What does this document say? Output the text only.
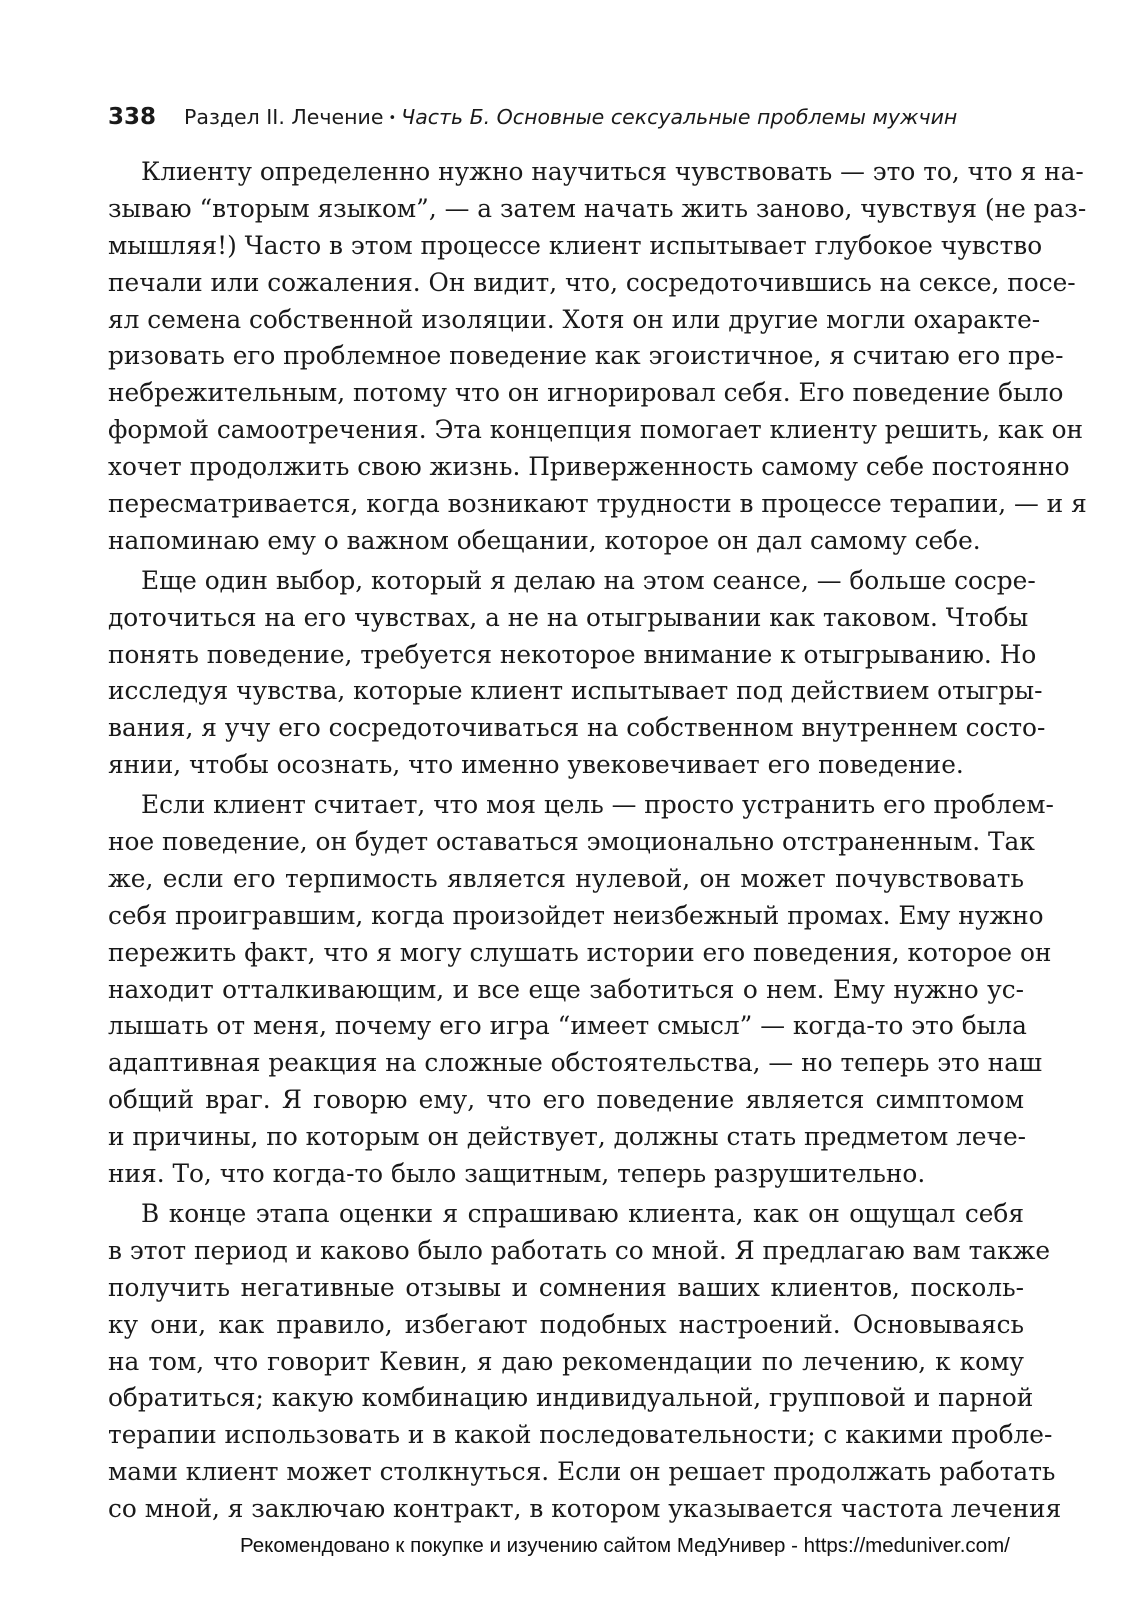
338 Раздел II. Лечение • Часть Б. Основные сексуальные проблемы мужчин
Клиенту определенно нужно научиться чувствовать — это то, что я на-
зываю “вторым языком”, — а затем начать жить заново, чувствуя (не раз-
мышляя!) Часто в этом процессе клиент испытывает глубокое чувство
печали или сожаления. Он видит, что, сосредоточившись на сексе, посе-
ял семена собственной изоляции. Хотя он или другие могли охаракте-
ризовать его проблемное поведение как эгоистичное, я считаю его пре-
небрежительным, потому что он игнорировал себя. Его поведение было
формой самоотречения. Эта концепция помогает клиенту решить, как он
хочет продолжить свою жизнь. Приверженность самому себе постоянно
пересматривается, когда возникают трудности в процессе терапии, — и я
напоминаю ему о важном обещании, которое он дал самому себе.
Еще один выбор, который я делаю на этом сеансе, — больше сосре-
доточиться на его чувствах, а не на отыгрывании как таковом. Чтобы
понять поведение, требуется некоторое внимание к отыгрыванию. Но
исследуя чувства, которые клиент испытывает под действием отыгры-
вания, я учу его сосредоточиваться на собственном внутреннем состо-
янии, чтобы осознать, что именно увековечивает его поведение.
Если клиент считает, что моя цель — просто устранить его проблем-
ное поведение, он будет оставаться эмоционально отстраненным. Так
же, если его терпимость является нулевой, он может почувствовать
себя проигравшим, когда произойдет неизбежный промах. Ему нужно
пережить факт, что я могу слушать истории его поведения, которое он
находит отталкивающим, и все еще заботиться о нем. Ему нужно ус-
лышать от меня, почему его игра “имеет смысл” — когда-то это была
адаптивная реакция на сложные обстоятельства, — но теперь это наш
общий враг. Я говорю ему, что его поведение является симптомом
и причины, по которым он действует, должны стать предметом лече-
ния. То, что когда-то было защитным, теперь разрушительно.
В конце этапа оценки я спрашиваю клиента, как он ощущал себя
в этот период и каково было работать со мной. Я предлагаю вам также
получить негативные отзывы и сомнения ваших клиентов, посколь-
ку они, как правило, избегают подобных настроений. Основываясь
на том, что говорит Кевин, я даю рекомендации по лечению, к кому
обратиться; какую комбинацию индивидуальной, групповой и парной
терапии использовать и в какой последовательности; с какими пробле-
мами клиент может столкнуться. Если он решает продолжать работать
со мной, я заключаю контракт, в котором указывается частота лечения
Рекомендовано к покупке и изучению сайтом МедУнивер - https://meduniver.com/
